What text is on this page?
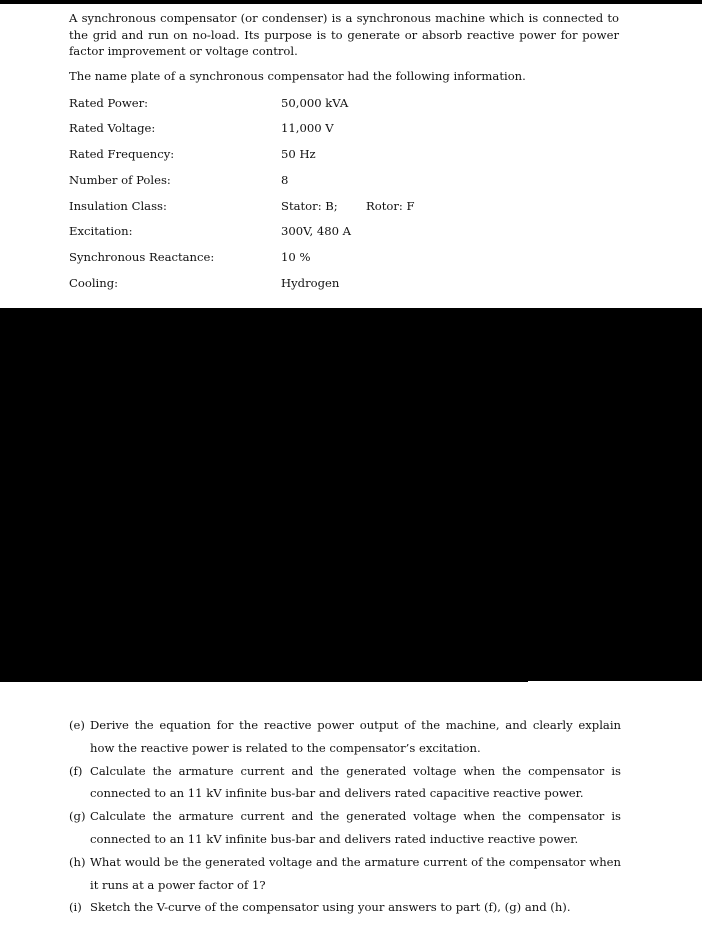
A synchronous compensator (or condenser) is a synchronous machine which is connected to the grid and run on no-load. Its purpose is to generate or absorb reactive power for power factor improvement or voltage control.

The name plate of a synchronous compensator had the following information.

Rated Power:	50,000 kVA
Rated Voltage:	11,000 V
Rated Frequency:	50 Hz
Number of Poles:	8
Insulation Class:	Stator: B; Rotor: F
Excitation:	300V, 480 A
Synchronous Reactance:	10 %
Cooling:	Hydrogen
(e) Derive the equation for the reactive power output of the machine, and clearly explain how the reactive power is related to the compensator’s excitation.
(f) Calculate the armature current and the generated voltage when the compensator is connected to an 11 kV infinite bus-bar and delivers rated capacitive reactive power.
(g) Calculate the armature current and the generated voltage when the compensator is connected to an 11 kV infinite bus-bar and delivers rated inductive reactive power.
(h) What would be the generated voltage and the armature current of the compensator when it runs at a power factor of 1?
(i) Sketch the V-curve of the compensator using your answers to part (f), (g) and (h).
